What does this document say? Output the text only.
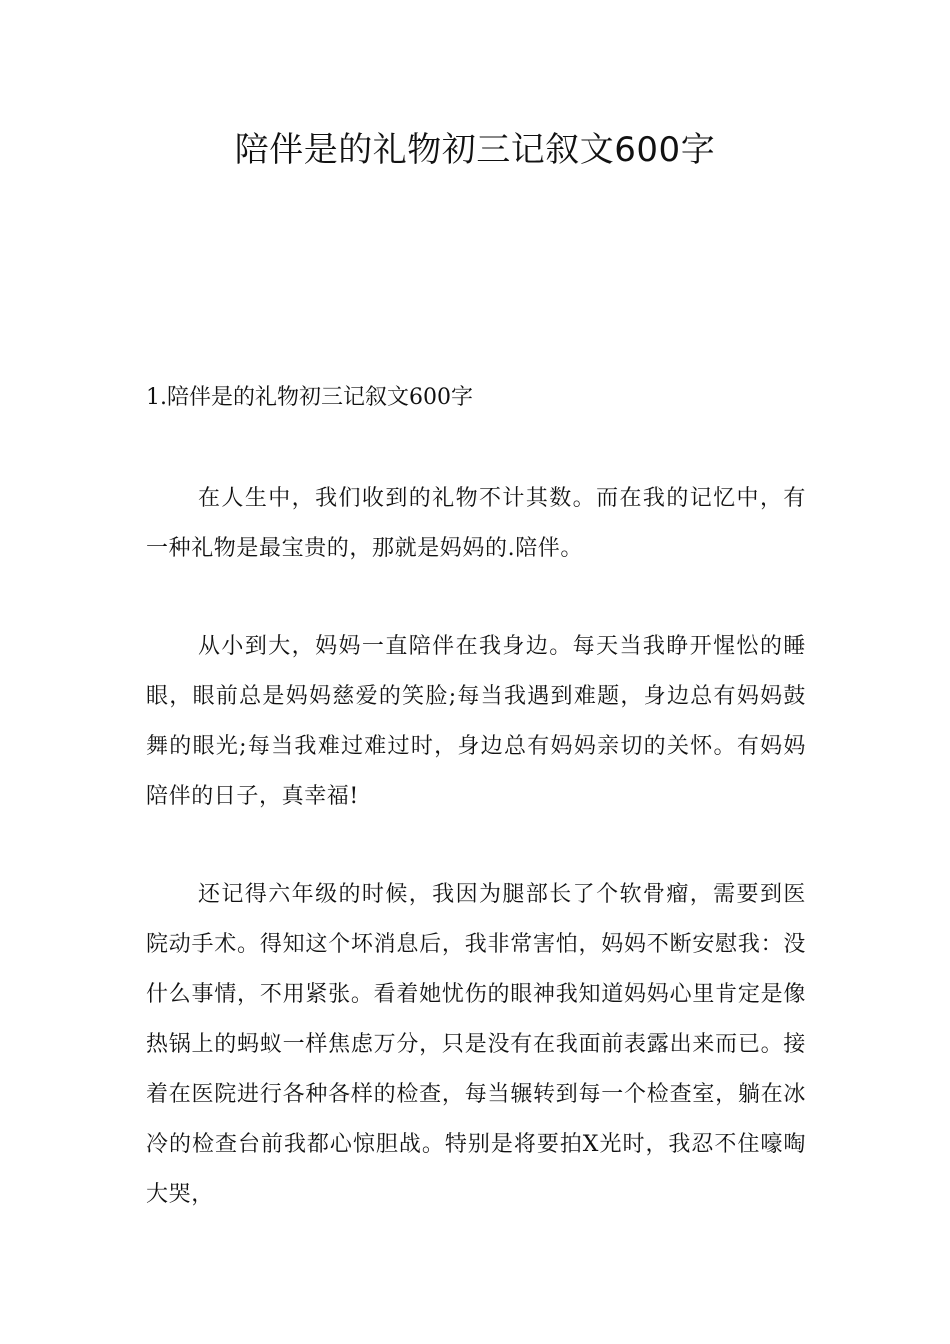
陪伴是的礼物初三记叙文600字
1.陪伴是的礼物初三记叙文600字

在人生中，我们收到的礼物不计其数。而在我的记忆中，有一种礼物是最宝贵的，那就是妈妈的.陪伴。

从小到大，妈妈一直陪伴在我身边。每天当我睁开惺忪的睡眼，眼前总是妈妈慈爱的笑脸;每当我遇到难题，身边总有妈妈鼓舞的眼光;每当我难过难过时，身边总有妈妈亲切的关怀。有妈妈陪伴的日子，真幸福!

还记得六年级的时候，我因为腿部长了个软骨瘤，需要到医院动手术。得知这个坏消息后，我非常害怕，妈妈不断安慰我：没什么事情，不用紧张。看着她忧伤的眼神我知道妈妈心里肯定是像热锅上的蚂蚁一样焦虑万分，只是没有在我面前表露出来而已。接着在医院进行各种各样的检查，每当辗转到每一个检查室，躺在冰冷的检查台前我都心惊胆战。特别是将要拍X光时，我忍不住嚎啕大哭，
